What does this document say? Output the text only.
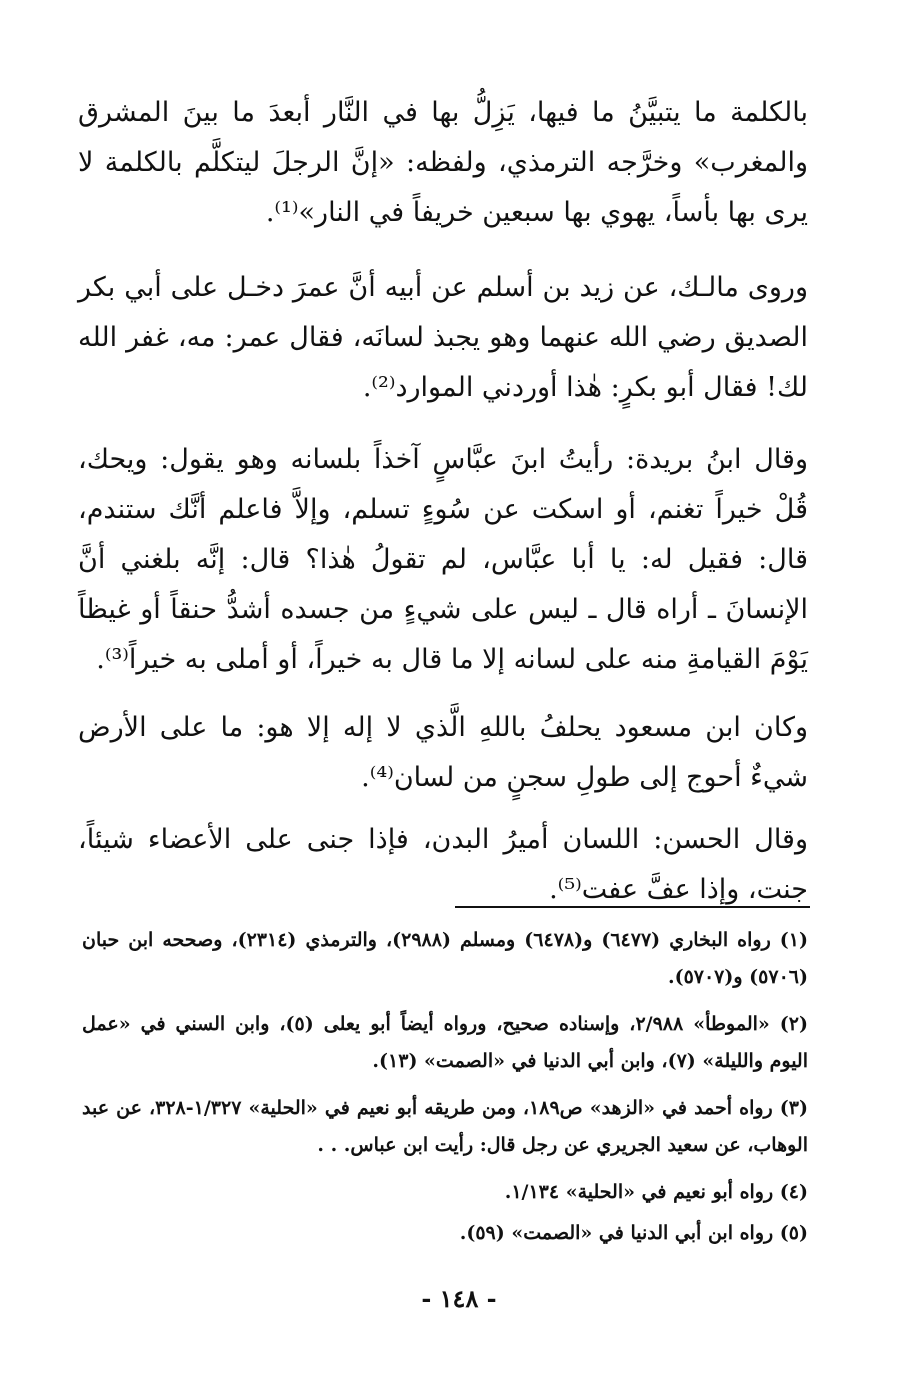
بالكلمة ما يتبيَّنُ ما فيها، يَزِلُّ بها في النَّار أبعدَ ما بينَ المشرق والمغرب» وخرَّجه الترمذي، ولفظه: «إنَّ الرجلَ ليتكلَّم بالكلمة لا يرى بها بأساً، يهوي بها سبعين خريفاً في النار»⁽¹⁾.

وروى مالـك، عن زيد بن أسلم عن أبيه أنَّ عمرَ دخـل على أبي بكر الصديق رضي الله عنهما وهو يجبذ لسانَه، فقال عمر: مه، غفر الله لك! فقال أبو بكرٍ: هٰذا أوردني الموارد⁽²⁾.

وقال ابنُ بريدة: رأيتُ ابنَ عبَّاسٍ آخذاً بلسانه وهو يقول: ويحك، قُلْ خيراً تغنم، أو اسكت عن سُوءٍ تسلم، وإلاَّ فاعلم أنَّك ستندم، قال: فقيل له: يا أبا عبَّاس، لم تقولُ هٰذا؟ قال: إنَّه بلغني أنَّ الإنسانَ ـ أراه قال ـ ليس على شيءٍ من جسده أشدُّ حنقاً أو غيظاً يَوْمَ القيامةِ منه على لسانه إلا ما قال به خيراً، أو أملى به خيراً⁽³⁾.

وكان ابن مسعود يحلفُ باللهِ الَّذي لا إله إلا هو: ما على الأرض شيءٌ أحوج إلى طولِ سجنٍ من لسان⁽⁴⁾.

وقال الحسن: اللسان أميرُ البدن، فإذا جنى على الأعضاء شيئاً، جنت، وإذا عفَّ عفت⁽⁵⁾.

(١) رواه البخاري (٦٤٧٧) و(٦٤٧٨) ومسلم (٢٩٨٨)، والترمذي (٢٣١٤)، وصححه ابن حبان (٥٧٠٦) و(٥٧٠٧).

(٢) «الموطأ» ٢/٩٨٨، وإسناده صحيح، ورواه أيضاً أبو يعلى (٥)، وابن السني في «عمل اليوم والليلة» (٧)، وابن أبي الدنيا في «الصمت» (١٣).

(٣) رواه أحمد في «الزهد» ص١٨٩، ومن طريقه أبو نعيم في «الحلية» ١/٣٢٧-٣٢٨، عن عبد الوهاب، عن سعيد الجريري عن رجل قال: رأيت ابن عباس. . .

(٤) رواه أبو نعيم في «الحلية» ١/١٣٤.

(٥) رواه ابن أبي الدنيا في «الصمت» (٥٩).

- ١٤٨ -
